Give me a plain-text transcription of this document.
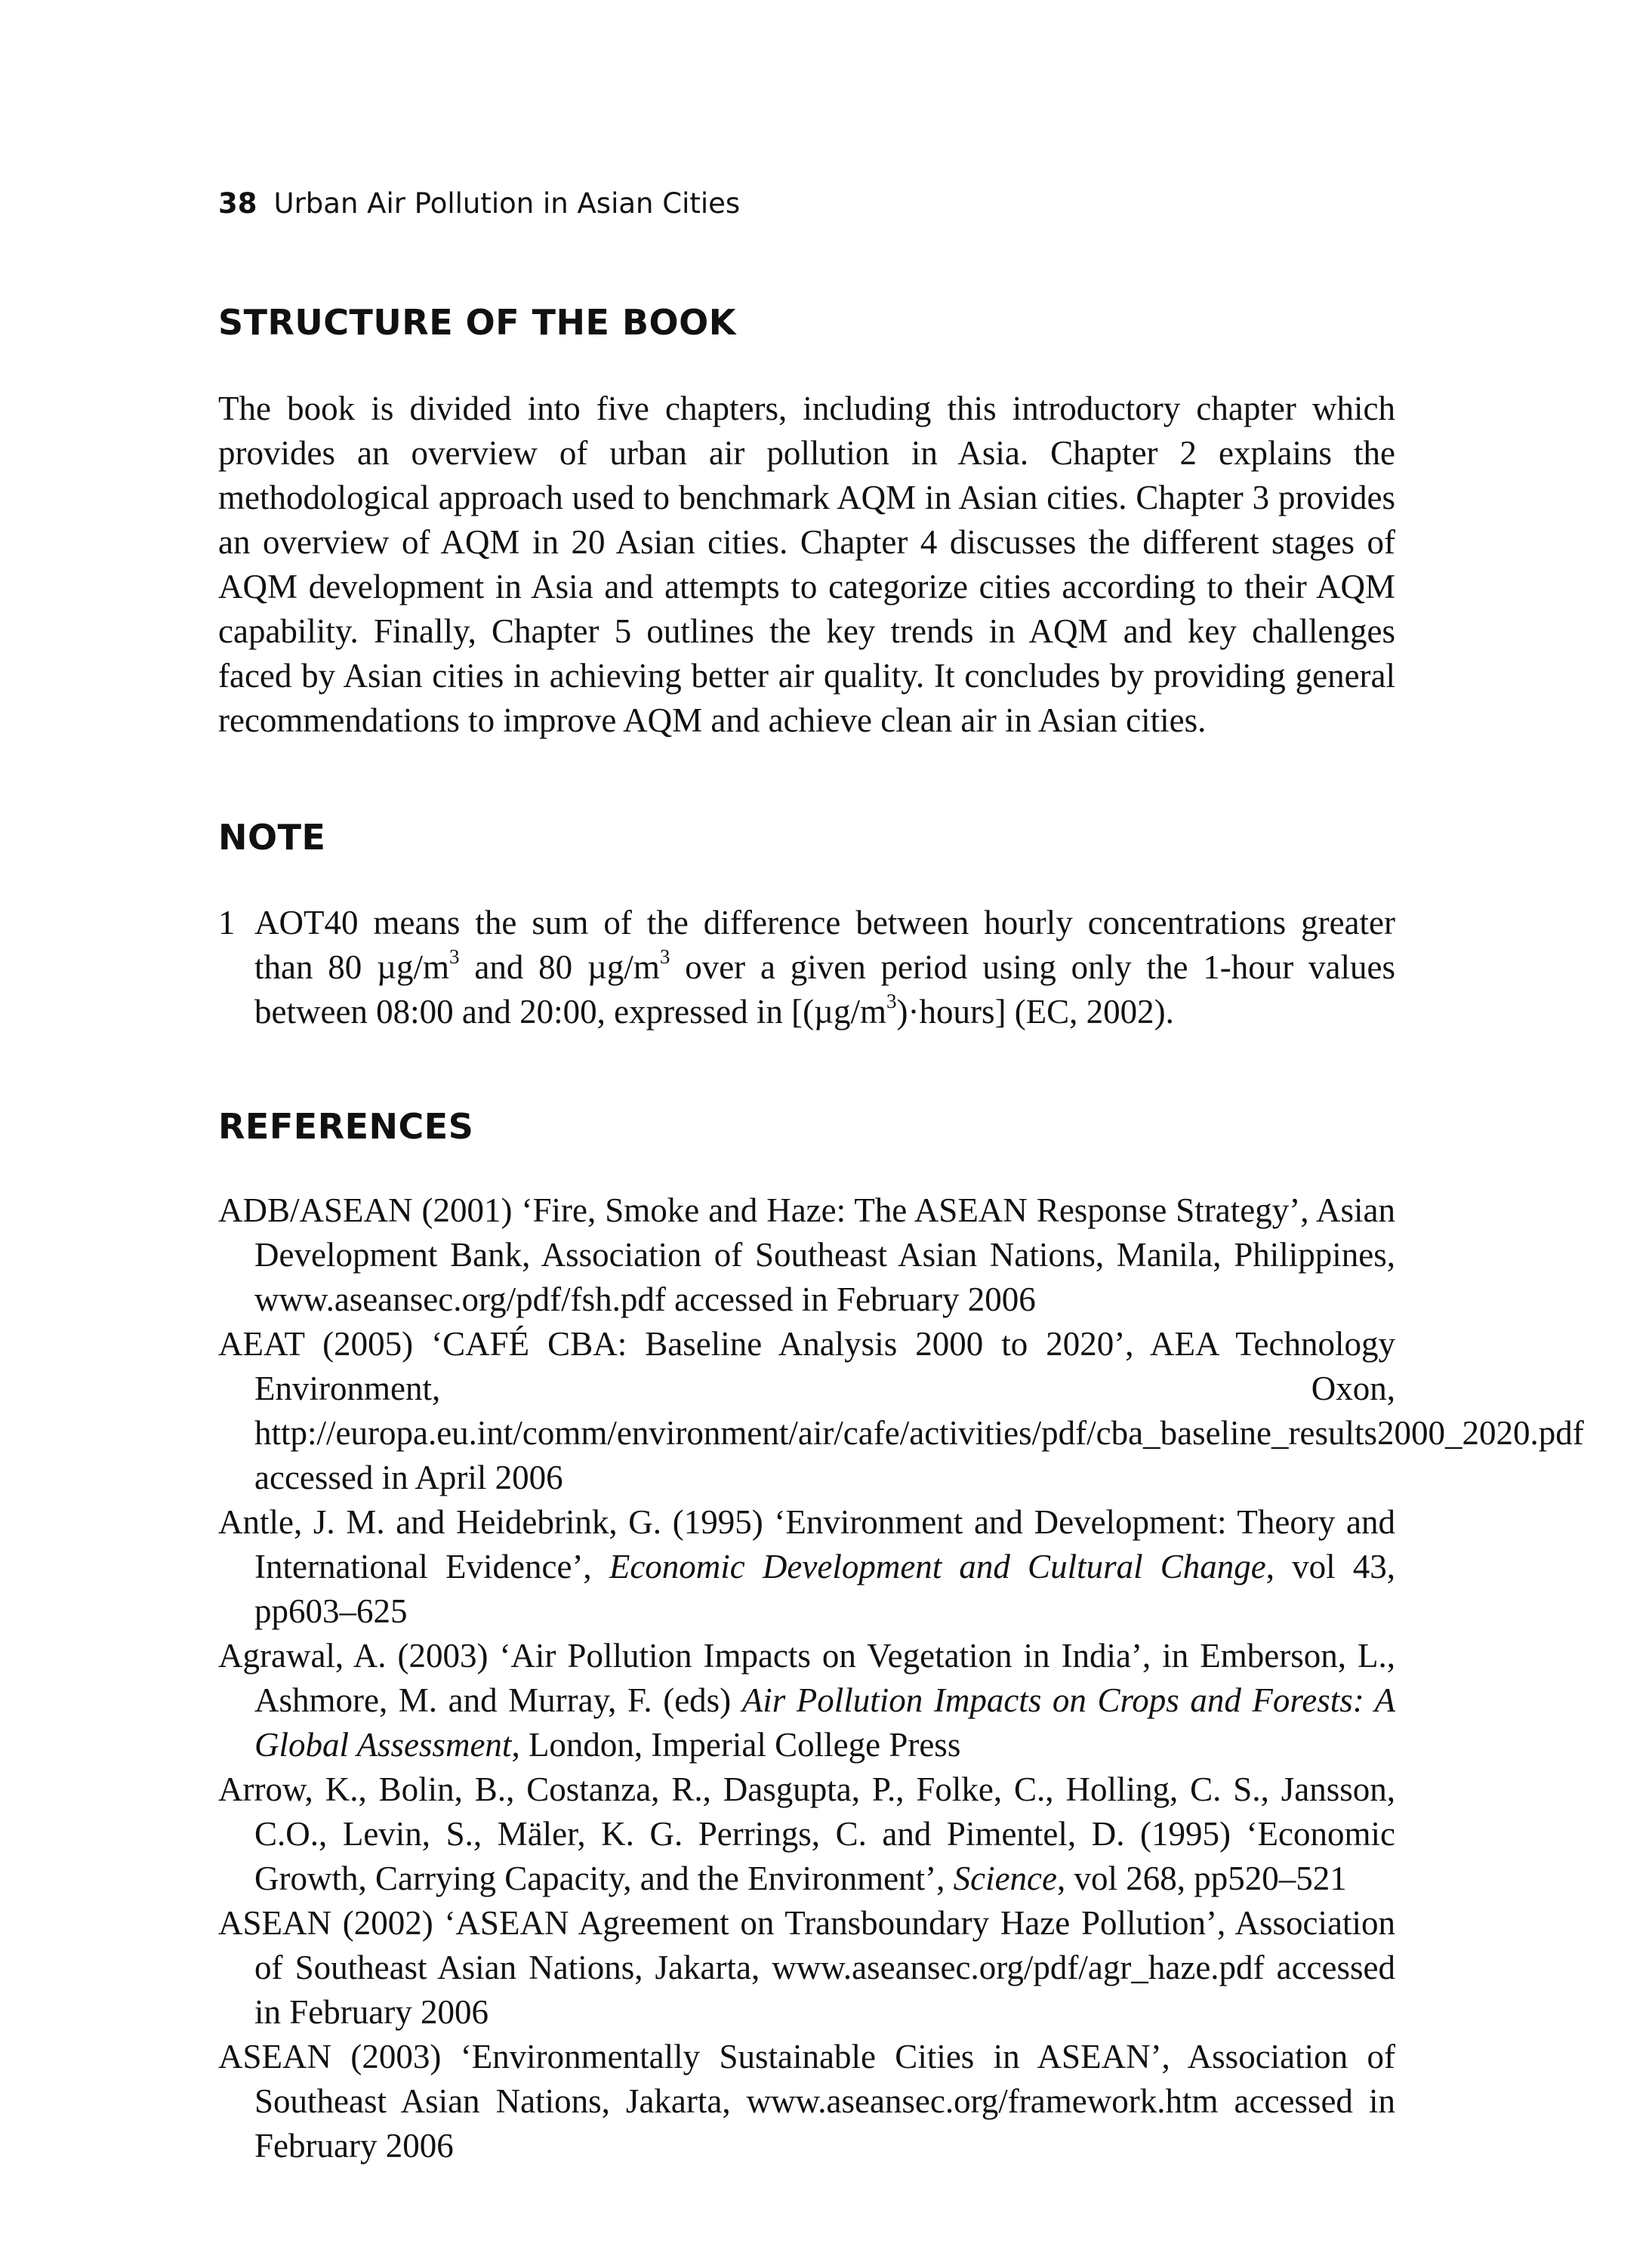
38 Urban Air Pollution in Asian Cities
STRUCTURE OF THE BOOK

The book is divided into five chapters, including this introductory chapter which provides an overview of urban air pollution in Asia. Chapter 2 explains the methodological approach used to benchmark AQM in Asian cities. Chapter 3 provides an overview of AQM in 20 Asian cities. Chapter 4 discusses the different stages of AQM development in Asia and attempts to categorize cities according to their AQM capability. Finally, Chapter 5 outlines the key trends in AQM and key challenges faced by Asian cities in achieving better air quality. It concludes by providing general recommendations to improve AQM and achieve clean air in Asian cities.

NOTE
1 AOT40 means the sum of the difference between hourly concentrations greater than 80 $\mu g/m^3$ and 80 $\mu g/m^3$ over a given period using only the 1-hour values between 08:00 and 20:00, expressed in $[(\mu g/m^3)\cdot hours]$ (EC, 2002).
REFERENCES

ADB/ASEAN (2001) ‘Fire, Smoke and Haze: The ASEAN Response Strategy’, Asian Development Bank, Association of Southeast Asian Nations, Manila, Philippines, www.aseansec.org/pdf/fsh.pdf accessed in February 2006

AEAT (2005) ‘CAFÉ CBA: Baseline Analysis 2000 to 2020’, AEA Technology Environment, Oxon, http://europa.eu.int/comm/environment/air/cafe/activities/pdf/cba_baseline_results2000_2020.pdf accessed in April 2006

Antle, J. M. and Heidebrink, G. (1995) ‘Environment and Development: Theory and International Evidence’, Economic Development and Cultural Change, vol 43, pp603–625

Agrawal, A. (2003) ‘Air Pollution Impacts on Vegetation in India’, in Emberson, L., Ashmore, M. and Murray, F. (eds) Air Pollution Impacts on Crops and Forests: A Global Assessment, London, Imperial College Press

Arrow, K., Bolin, B., Costanza, R., Dasgupta, P., Folke, C., Holling, C. S., Jansson, C.O., Levin, S., Mäler, K. G. Perrings, C. and Pimentel, D. (1995) ‘Economic Growth, Carrying Capacity, and the Environment’, Science, vol 268, pp520–521

ASEAN (2002) ‘ASEAN Agreement on Transboundary Haze Pollution’, Association of Southeast Asian Nations, Jakarta, www.aseansec.org/pdf/agr_haze.pdf accessed in February 2006

ASEAN (2003) ‘Environmentally Sustainable Cities in ASEAN’, Association of Southeast Asian Nations, Jakarta, www.aseansec.org/framework.htm accessed in February 2006
